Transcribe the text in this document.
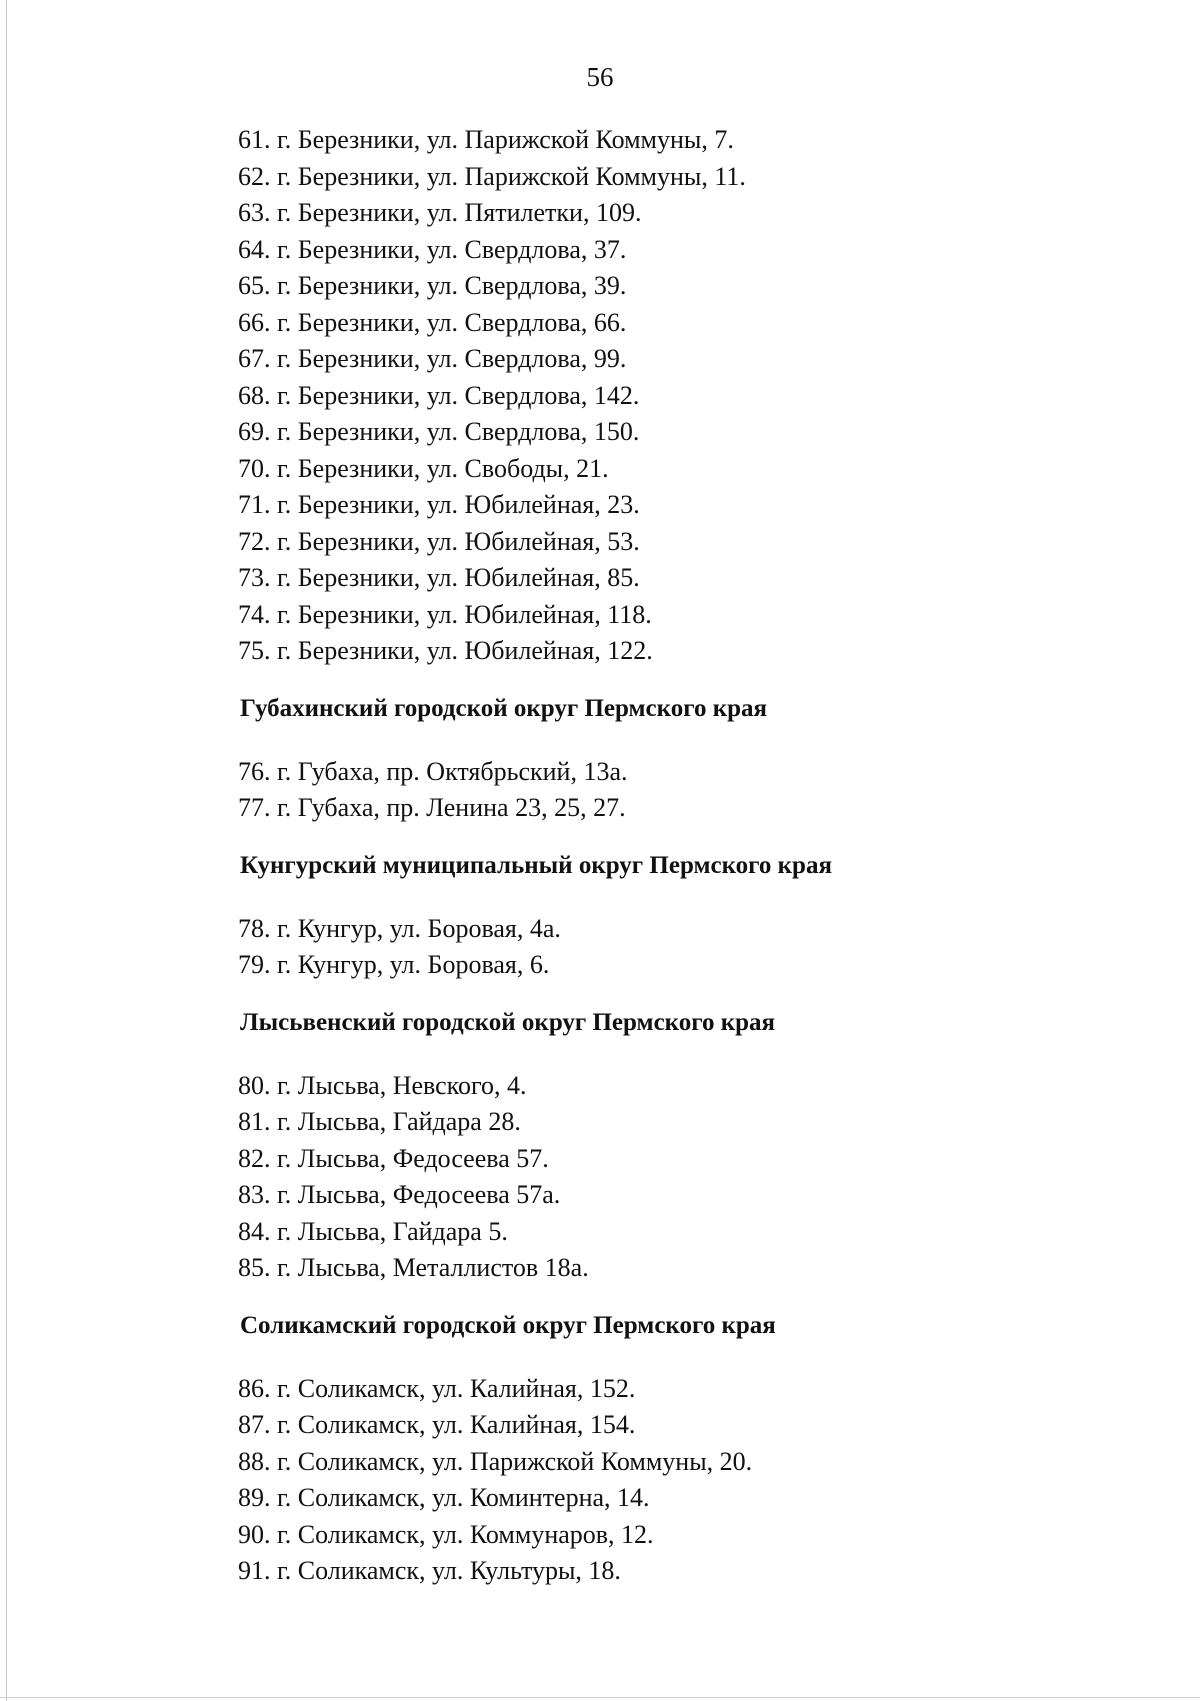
56
61. г. Березники, ул. Парижской Коммуны, 7.
62. г. Березники, ул. Парижской Коммуны, 11.
63. г. Березники, ул. Пятилетки, 109.
64. г. Березники, ул. Свердлова, 37.
65. г. Березники, ул. Свердлова, 39.
66. г. Березники, ул. Свердлова, 66.
67. г. Березники, ул. Свердлова, 99.
68. г. Березники, ул. Свердлова, 142.
69. г. Березники, ул. Свердлова, 150.
70. г. Березники, ул. Свободы, 21.
71. г. Березники, ул. Юбилейная, 23.
72. г. Березники, ул. Юбилейная, 53.
73. г. Березники, ул. Юбилейная, 85.
74. г. Березники, ул. Юбилейная, 118.
75. г. Березники, ул. Юбилейная, 122.
Губахинский городской округ Пермского края
76. г. Губаха, пр. Октябрьский, 13а.
77. г. Губаха, пр. Ленина 23, 25, 27.
Кунгурский муниципальный округ Пермского края
78. г. Кунгур, ул. Боровая, 4а.
79. г. Кунгур, ул. Боровая, 6.
Лысьвенский городской округ Пермского края
80. г. Лысьва, Невского, 4.
81. г. Лысьва, Гайдара 28.
82. г. Лысьва, Федосеева 57.
83. г. Лысьва, Федосеева 57а.
84. г. Лысьва, Гайдара 5.
85. г. Лысьва, Металлистов 18а.
Соликамский городской округ Пермского края
86. г. Соликамск, ул. Калийная, 152.
87. г. Соликамск, ул. Калийная, 154.
88. г. Соликамск, ул. Парижской Коммуны, 20.
89. г. Соликамск, ул. Коминтерна, 14.
90. г. Соликамск, ул. Коммунаров, 12.
91. г. Соликамск, ул. Культуры, 18.
